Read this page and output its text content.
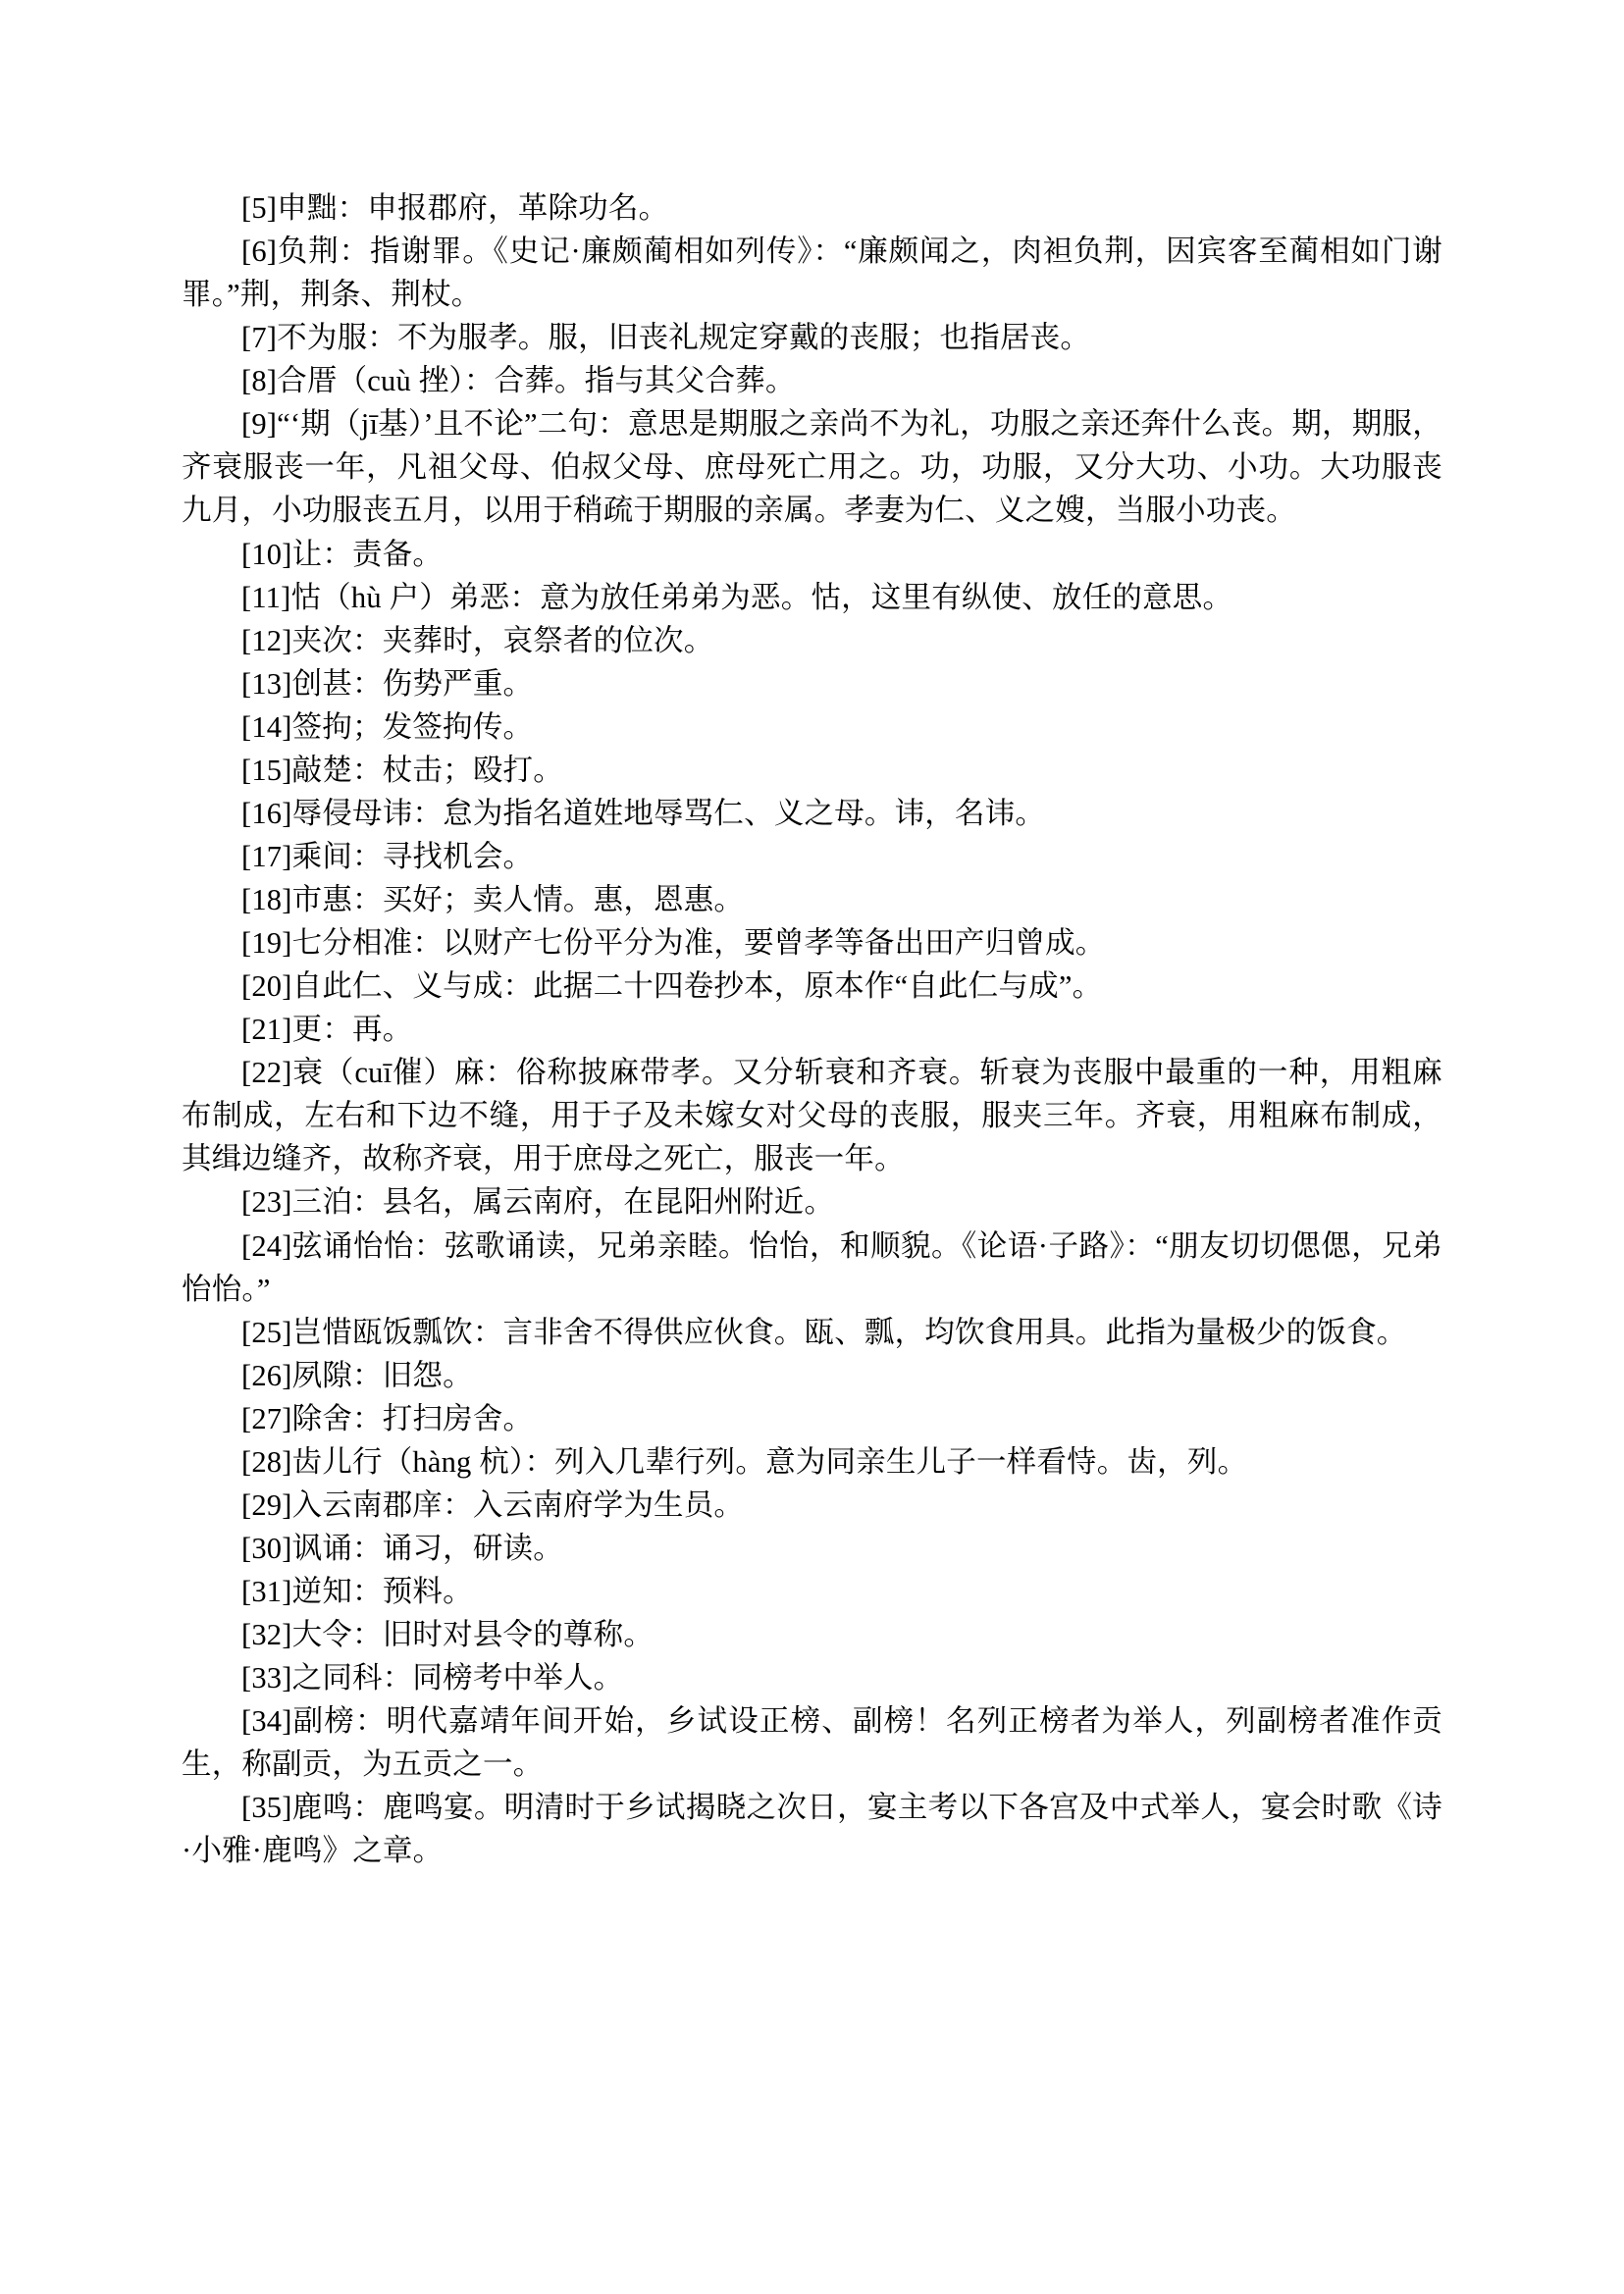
[5]申黜：申报郡府，革除功名。

[6]负荆：指谢罪。《史记·廉颇蔺相如列传》：“廉颇闻之，肉袒负荆，因宾客至蔺相如门谢罪。”荆，荆条、荆杖。

[7]不为服：不为服孝。服，旧丧礼规定穿戴的丧服；也指居丧。

[8]合厝（cuù 挫）：合葬。指与其父合葬。

[9]“‘期（jī基）’且不论”二句：意思是期服之亲尚不为礼，功服之亲还奔什么丧。期，期服，齐衰服丧一年，凡祖父母、伯叔父母、庶母死亡用之。功，功服，又分大功、小功。大功服丧九月，小功服丧五月，以用于稍疏于期服的亲属。孝妻为仁、义之嫂，当服小功丧。

[10]让：责备。

[11]怙（hù 户）弟恶：意为放任弟弟为恶。怙，这里有纵使、放任的意思。

[12]夹次：夹葬时，哀祭者的位次。

[13]创甚：伤势严重。

[14]签拘；发签拘传。

[15]敲楚：杖击；殴打。

[16]辱侵母讳：怠为指名道姓地辱骂仁、义之母。讳，名讳。

[17]乘间：寻找机会。

[18]市惠：买好；卖人情。惠，恩惠。

[19]七分相准：以财产七份平分为准，要曾孝等备出田产归曾成。

[20]自此仁、义与成：此据二十四卷抄本，原本作“自此仁与成”。

[21]更：再。

[22]衰（cuī催）麻：俗称披麻带孝。又分斩衰和齐衰。斩衰为丧服中最重的一种，用粗麻布制成，左右和下边不缝，用于子及未嫁女对父母的丧服，服夹三年。齐衰，用粗麻布制成，其缉边缝齐，故称齐衰，用于庶母之死亡，服丧一年。

[23]三泊：县名，属云南府，在昆阳州附近。

[24]弦诵怡怡：弦歌诵读，兄弟亲睦。怡怡，和顺貌。《论语·子路》：“朋友切切偲偲，兄弟怡怡。”

[25]岂惜瓯饭瓢饮：言非舍不得供应伙食。瓯、瓢，均饮食用具。此指为量极少的饭食。

[26]夙隙：旧怨。

[27]除舍：打扫房舍。

[28]齿儿行（hàng 杭）：列入几辈行列。意为同亲生儿子一样看恃。齿，列。

[29]入云南郡庠：入云南府学为生员。

[30]讽诵：诵习，研读。

[31]逆知：预料。

[32]大令：旧时对县令的尊称。

[33]之同科：同榜考中举人。

[34]副榜：明代嘉靖年间开始，乡试设正榜、副榜！名列正榜者为举人，列副榜者准作贡生，称副贡，为五贡之一。

[35]鹿鸣：鹿鸣宴。明清时于乡试揭晓之次日，宴主考以下各宫及中式举人，宴会时歌《诗·小雅·鹿鸣》之章。
